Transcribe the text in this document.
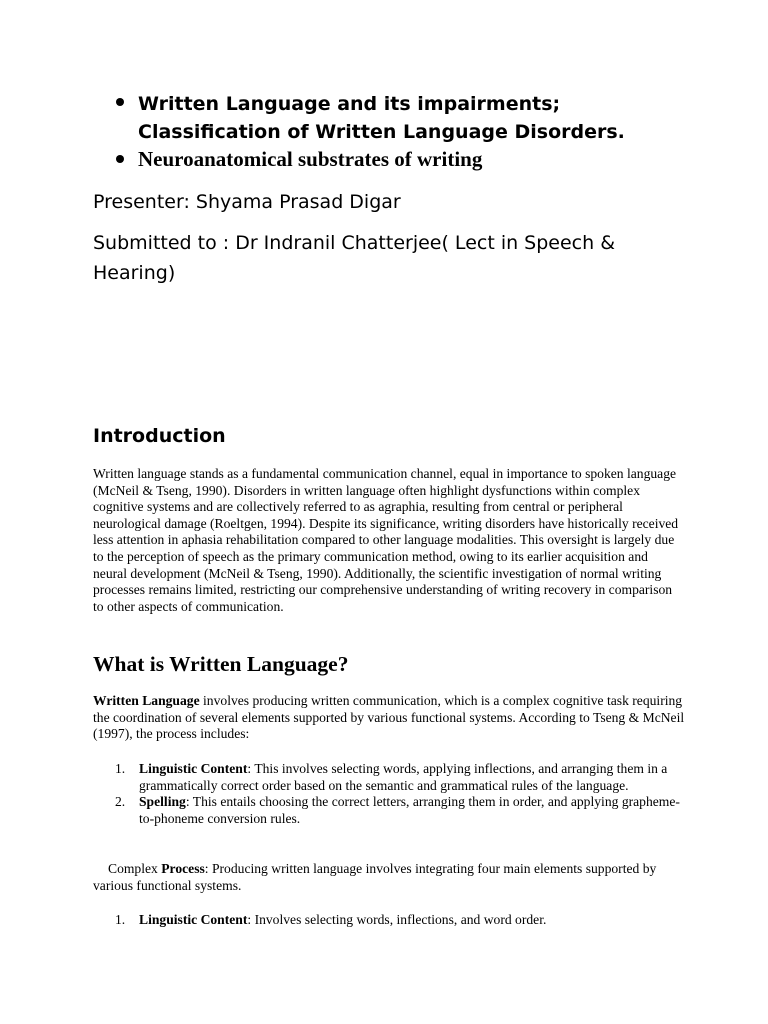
Written Language and its impairments; Classification of Written Language Disorders.
Neuroanatomical substrates of writing
Presenter: Shyama Prasad Digar
Submitted to : Dr Indranil Chatterjee( Lect in Speech & Hearing)
Introduction
Written language stands as a fundamental communication channel, equal in importance to spoken language (McNeil & Tseng, 1990). Disorders in written language often highlight dysfunctions within complex cognitive systems and are collectively referred to as agraphia, resulting from central or peripheral neurological damage (Roeltgen, 1994). Despite its significance, writing disorders have historically received less attention in aphasia rehabilitation compared to other language modalities. This oversight is largely due to the perception of speech as the primary communication method, owing to its earlier acquisition and neural development (McNeil & Tseng, 1990). Additionally, the scientific investigation of normal writing processes remains limited, restricting our comprehensive understanding of writing recovery in comparison to other aspects of communication.
What is Written Language?
Written Language involves producing written communication, which is a complex cognitive task requiring the coordination of several elements supported by various functional systems. According to Tseng & McNeil (1997), the process includes:
1. Linguistic Content: This involves selecting words, applying inflections, and arranging them in a grammatically correct order based on the semantic and grammatical rules of the language.
2. Spelling: This entails choosing the correct letters, arranging them in order, and applying grapheme-to-phoneme conversion rules.
Complex Process: Producing written language involves integrating four main elements supported by various functional systems.
1. Linguistic Content: Involves selecting words, inflections, and word order.
